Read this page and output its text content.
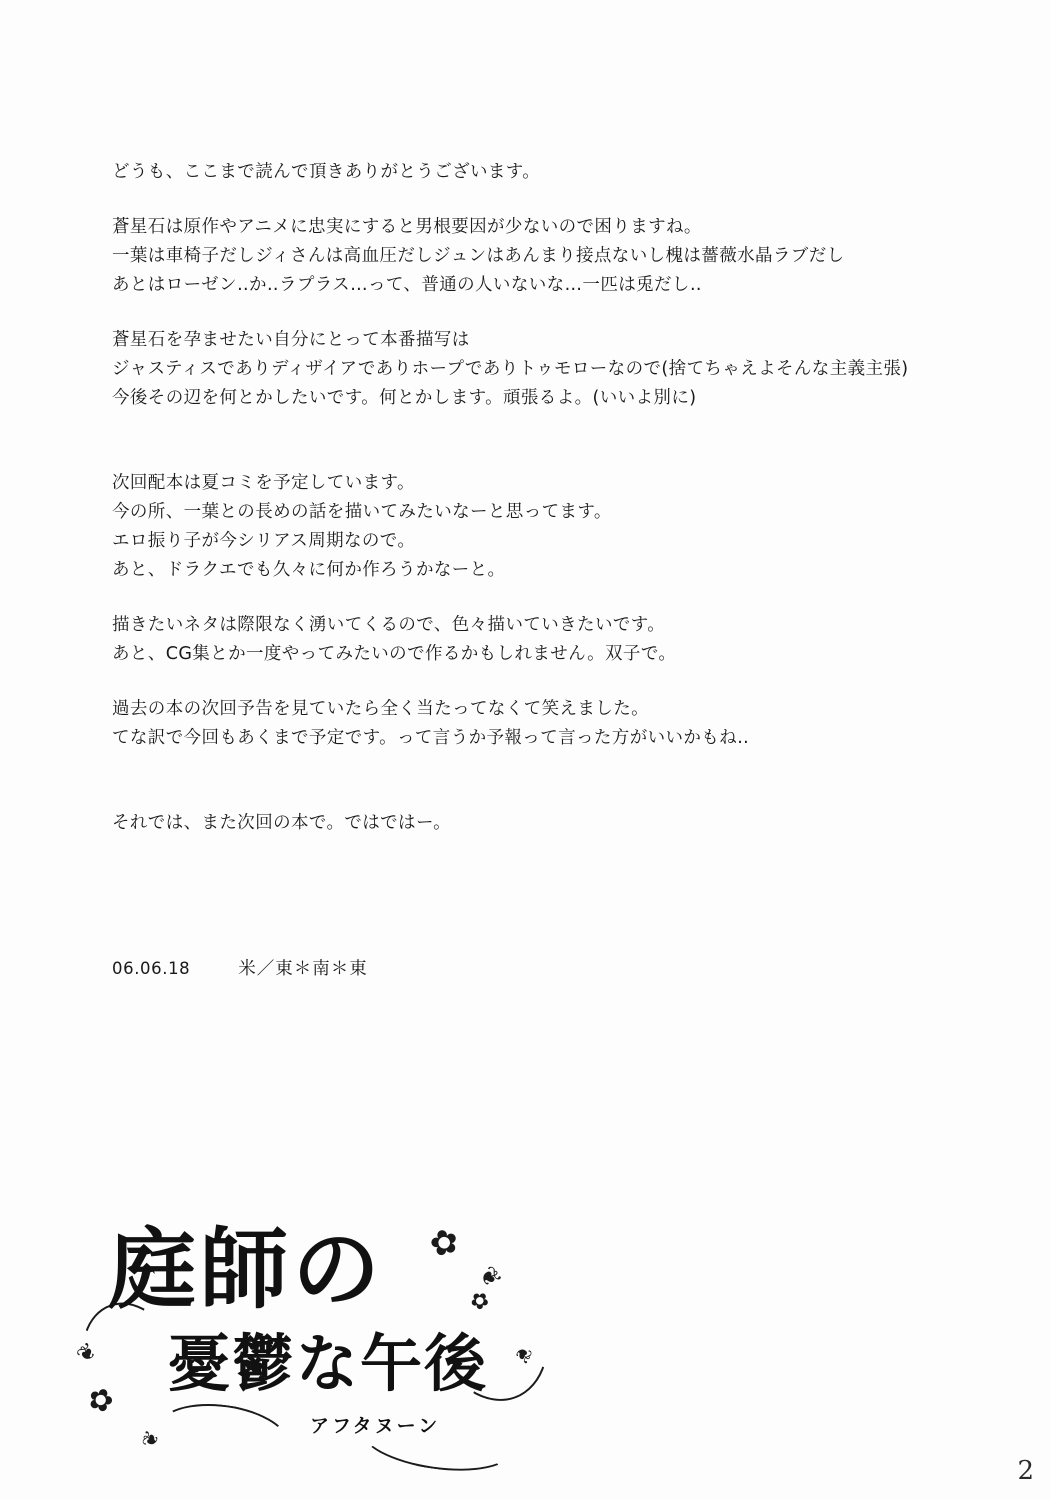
どうも、ここまで読んで頂きありがとうございます。
蒼星石は原作やアニメに忠実にすると男根要因が少ないので困りますね。
一葉は車椅子だしジィさんは高血圧だしジュンはあんまり接点ないし槐は薔薇水晶ラブだし
あとはローゼン‥か‥ラプラス…って、普通の人いないな…一匹は兎だし‥
蒼星石を孕ませたい自分にとって本番描写は
ジャスティスでありディザイアでありホープでありトゥモローなので(捨てちゃえよそんな主義主張)
今後その辺を何とかしたいです。何とかします。頑張るよ。(いいよ別に)
次回配本は夏コミを予定しています。
今の所、一葉との長めの話を描いてみたいなーと思ってます。
エロ振り子が今シリアス周期なので。
あと、ドラクエでも久々に何か作ろうかなーと。
描きたいネタは際限なく湧いてくるので、色々描いていきたいです。
あと、CG集とか一度やってみたいので作るかもしれません。双子で。
過去の本の次回予告を見ていたら全く当たってなくて笑えました。
てな訳で今回もあくまで予定です。って言うか予報って言った方がいいかもね‥
それでは、また次回の本で。ではではー。
06.06.18	米／東＊南＊東
✿
✿
✿
❦
❦	❦
❦
庭師の
憂鬱な午後
アフタヌーン
2
